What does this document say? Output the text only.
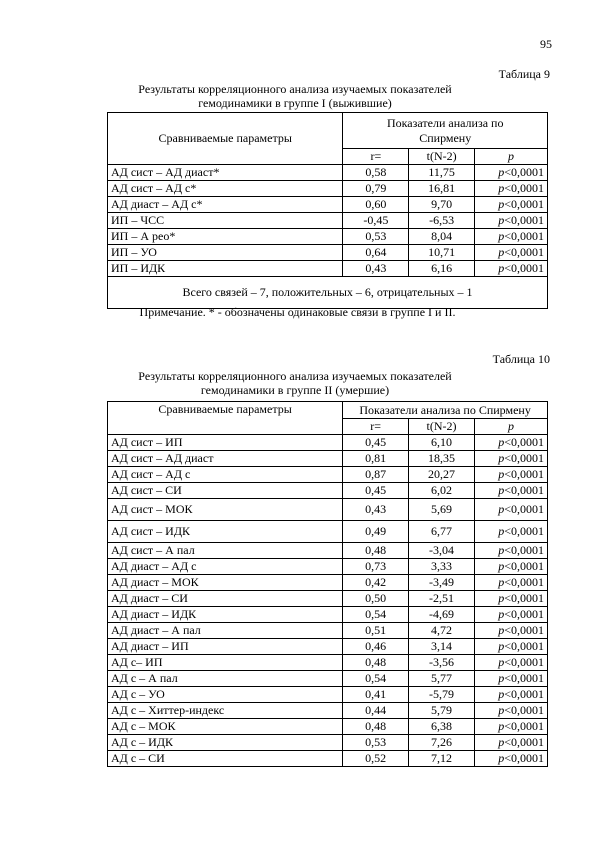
95
Таблица 9
Результаты корреляционного анализа изучаемых показателей
гемодинамики в группе I (выжившие)
Сравниваемые параметры	Показатели анализа по
Спирмену		

	r=	t(N-2)	p
АД сист – АД диаст*	0,58	11,75	p<0,0001
АД сист – АД с*	0,79	16,81	p<0,0001
АД диаст – АД с*	0,60	9,70	p<0,0001
ИП – ЧСС	-0,45	-6,53	p<0,0001
ИП – А рео*	0,53	8,04	p<0,0001
ИП – УО	0,64	10,71	p<0,0001
ИП – ИДК	0,43	6,16	p<0,0001
Всего связей – 7, положительных – 6, отрицательных – 1			
Примечание. * - обозначены одинаковые связи в группе I и II.
Таблица 10
Результаты корреляционного анализа изучаемых показателей
гемодинамики в группе II (умершие)
Сравниваемые параметры	Показатели анализа по Спирмену		
	r=	t(N-2)	p
АД сист – ИП	0,45	6,10	p<0,0001
АД сист – АД диаст	0,81	18,35	p<0,0001
АД сист – АД с	0,87	20,27	p<0,0001
АД сист – СИ	0,45	6,02	p<0,0001
АД сист – МОК	0,43	5,69	p<0,0001
АД сист – ИДК	0,49	6,77	p<0,0001
АД сист – А пал	0,48	-3,04	p<0,0001
АД диаст – АД с	0,73	3,33	p<0,0001
АД диаст – МОК	0,42	-3,49	p<0,0001
АД диаст – СИ	0,50	-2,51	p<0,0001
АД диаст – ИДК	0,54	-4,69	p<0,0001
АД диаст – А пал	0,51	4,72	p<0,0001
АД диаст – ИП	0,46	3,14	p<0,0001
АД с– ИП	0,48	-3,56	p<0,0001
АД с – А пал	0,54	5,77	p<0,0001
АД с – УО	0,41	-5,79	p<0,0001
АД с – Хиттер-индекс	0,44	5,79	p<0,0001
АД с – МОК	0,48	6,38	p<0,0001
АД с – ИДК	0,53	7,26	p<0,0001
АД с – СИ	0,52	7,12	p<0,0001
